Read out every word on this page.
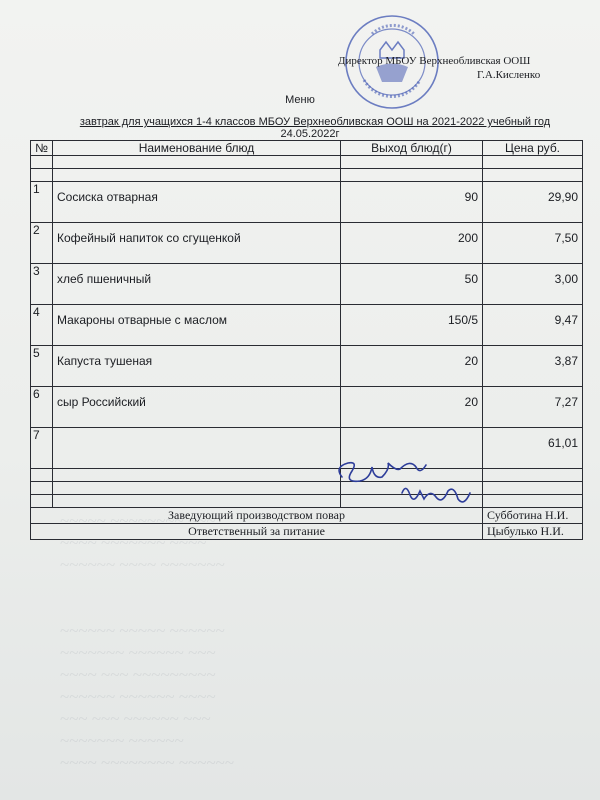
Директор МБОУ Верхнеобливская ООШ
Г.А.Кисленко
Меню
завтрак для учащихся 1-4 классов МБОУ Верхнеобливская ООШ на 2021-2022 учебный год
24.05.2022г
№	Наименование блюд	Выход блюд(г)	Цена руб.

1	Сосиска отварная	90	29,90
2	Кофейный напиток со сгущенкой	200	7,50
3	хлеб пшеничный	50	3,00
4	Макароны отварные с маслом	150/5	9,47
5	Капуста тушеная	20	3,87
6	сыр Российский	20	7,27
7			61,01

Заведующий производством повар			Субботина Н.И.
Ответственный за питание			Цыбулько Н.И.
